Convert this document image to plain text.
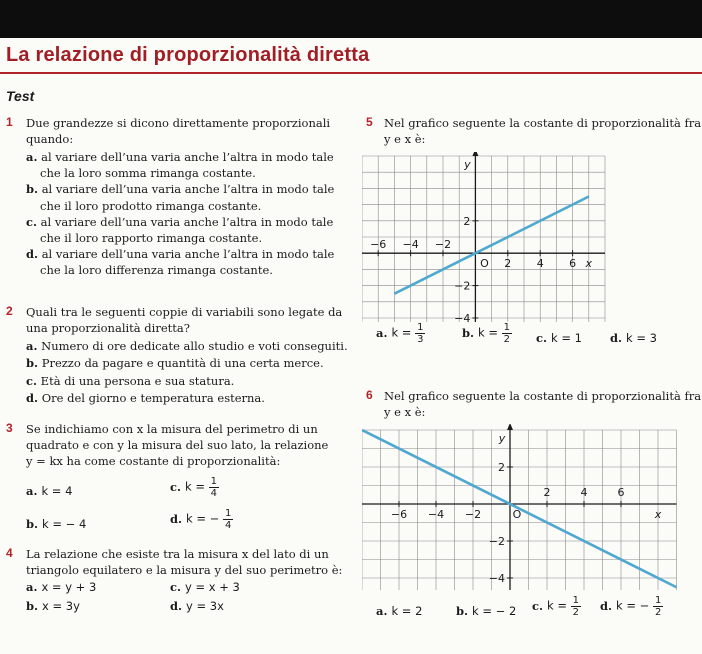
La relazione di proporzionalità diretta
Test
1 Due grandezze si dicono direttamente proporzionali
quando:
a. al variare dell’una varia anche l’altra in modo tale
che la loro somma rimanga costante.
b. al variare dell’una varia anche l’altra in modo tale
che il loro prodotto rimanga costante.
c. al variare dell’una varia anche l’altra in modo tale
che il loro rapporto rimanga costante.
d. al variare dell’una varia anche l’altra in modo tale
che la loro differenza rimanga costante.
2 Quali tra le seguenti coppie di variabili sono legate da
una proporzionalità diretta?
a. Numero di ore dedicate allo studio e voti conseguiti.
b. Prezzo da pagare e quantità di una certa merce.
c. Età di una persona e sua statura.
d. Ore del giorno e temperatura esterna.
3 Se indichiamo con x la misura del perimetro di un
quadrato e con y la misura del suo lato, la relazione
y = kx ha come costante di proporzionalità:
a. k = 4	c. $k = \frac{1}{4}$
b. k = − 4	d. k = − $\frac{1}{4}$
4 La relazione che esiste tra la misura x del lato di un
triangolo equilatero e la misura y del suo perimetro è:
a. x = y + 3	c. y = x + 3
b. x = 3y	d. y = 3x
5 Nel grafico seguente la costante di proporzionalità fra
y e x è:
−6 −4 −2
O 2 4 6
2
−2
−4
x
y
a. $k = \frac{1}{3}$	b. $k = \frac{1}{2} c$. k = 1 d. k = 3
6 Nel grafico seguente la costante di proporzionalità fra
y e x è:
−6 −4 −2	O
2	4	6
2
−2
−4
x
y
a. k = 2	b. k = − 2 c. $k = \frac{1}{2} d$. k = − $\frac{1}{2}$
